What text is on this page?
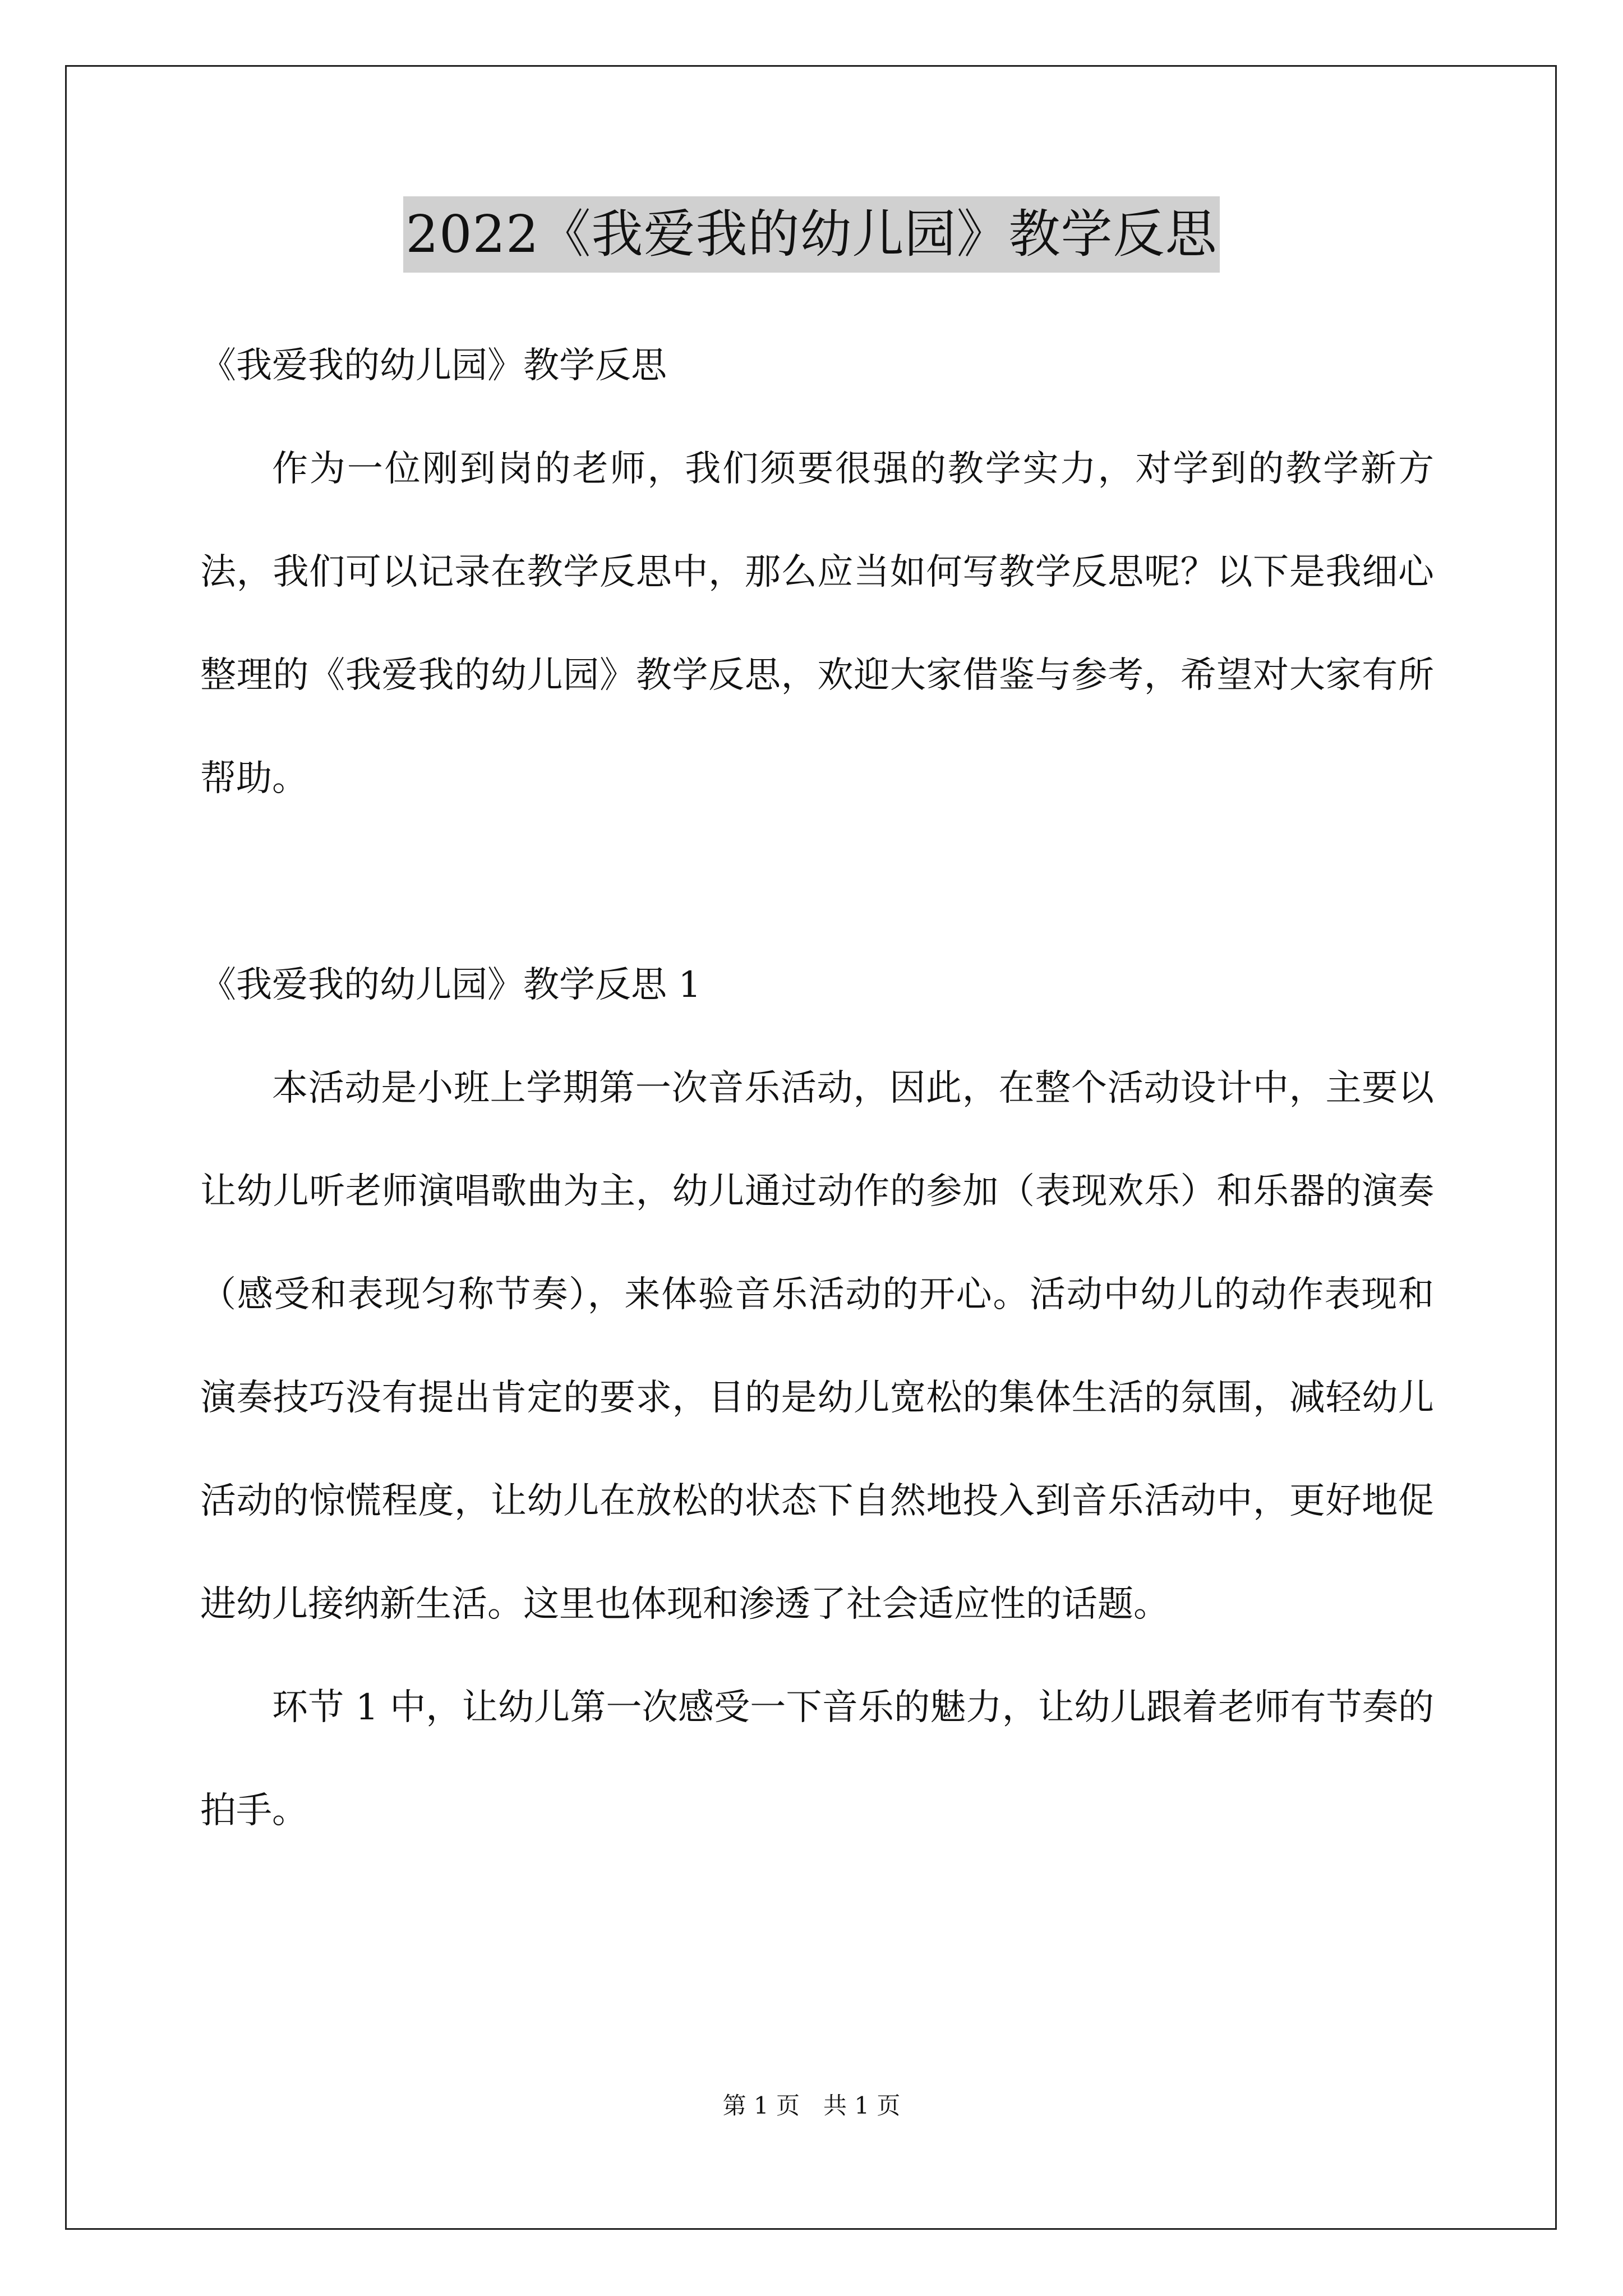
2022《我爱我的幼儿园》教学反思

《我爱我的幼儿园》教学反思

作为一位刚到岗的老师，我们须要很强的教学实力，对学到的教学新方法，我们可以记录在教学反思中，那么应当如何写教学反思呢？以下是我细心整理的《我爱我的幼儿园》教学反思，欢迎大家借鉴与参考，希望对大家有所帮助。

《我爱我的幼儿园》教学反思 1

本活动是小班上学期第一次音乐活动，因此，在整个活动设计中，主要以让幼儿听老师演唱歌曲为主，幼儿通过动作的参加（表现欢乐）和乐器的演奏（感受和表现匀称节奏），来体验音乐活动的开心。活动中幼儿的动作表现和演奏技巧没有提出肯定的要求，目的是幼儿宽松的集体生活的氛围，减轻幼儿活动的惊慌程度，让幼儿在放松的状态下自然地投入到音乐活动中，更好地促进幼儿接纳新生活。这里也体现和渗透了社会适应性的话题。

环节 1 中，让幼儿第一次感受一下音乐的魅力，让幼儿跟着老师有节奏的拍手。

第 1 页　共 1 页
